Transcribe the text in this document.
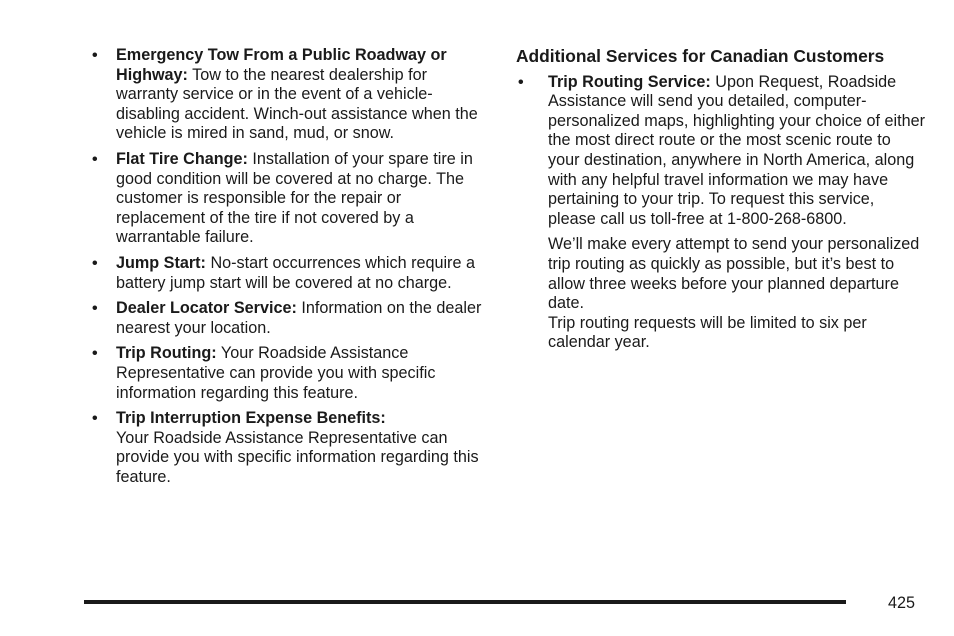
• Emergency Tow From a Public Roadway or Highway: Tow to the nearest dealership for warranty service or in the event of a vehicle-disabling accident. Winch-out assistance when the vehicle is mired in sand, mud, or snow.
• Flat Tire Change: Installation of your spare tire in good condition will be covered at no charge. The customer is responsible for the repair or replacement of the tire if not covered by a warrantable failure.
• Jump Start: No-start occurrences which require a battery jump start will be covered at no charge.
• Dealer Locator Service: Information on the dealer nearest your location.
• Trip Routing: Your Roadside Assistance Representative can provide you with specific information regarding this feature.
• Trip Interruption Expense Benefits:
Your Roadside Assistance Representative can provide you with specific information regarding this feature.
Additional Services for Canadian Customers
• Trip Routing Service: Upon Request, Roadside Assistance will send you detailed, computer-personalized maps, highlighting your choice of either the most direct route or the most scenic route to your destination, anywhere in North America, along with any helpful travel information we may have pertaining to your trip. To request this service, please call us toll-free at 1-800-268-6800.
We’ll make every attempt to send your personalized trip routing as quickly as possible, but it’s best to allow three weeks before your planned departure date.
Trip routing requests will be limited to six per calendar year.
425
